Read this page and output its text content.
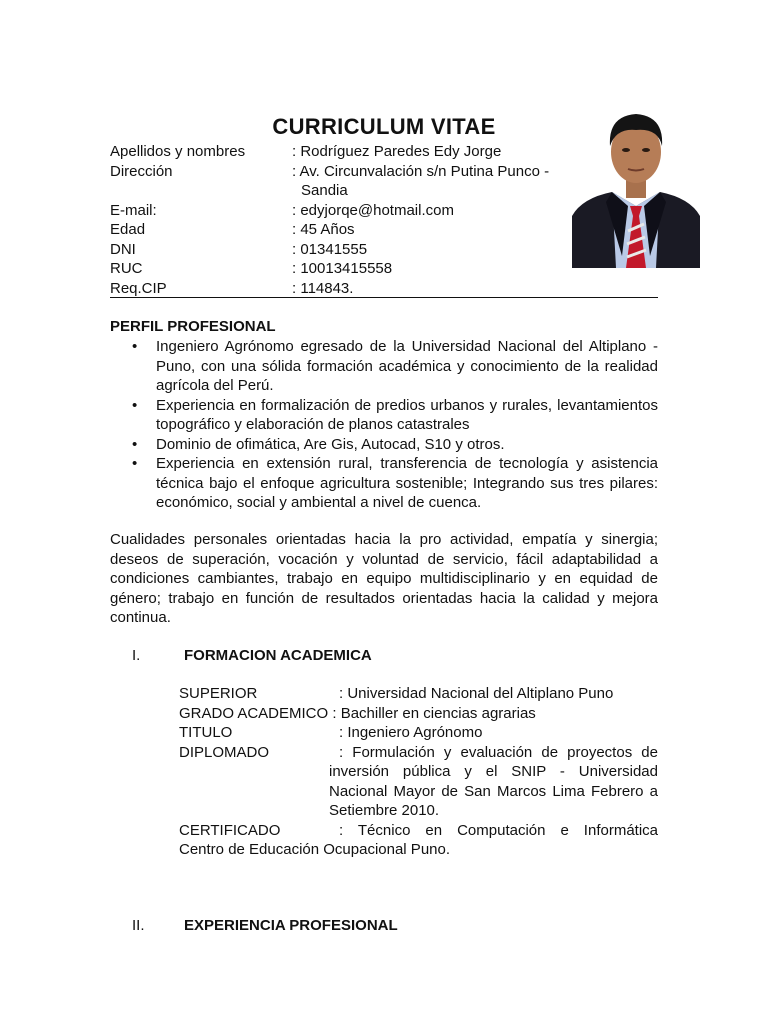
CURRICULUM VITAE
Apellidos y nombres	: Rodríguez Paredes Edy Jorge
Dirección	: Av. Circunvalación s/n Putina Punco -
Sandia
E-mail:	: edyjorqe@hotmail.com
Edad	: 45 Años
DNI	: 01341555
RUC	: 10013415558
Req.CIP	: 114843.
PERFIL PROFESIONAL
• Ingeniero Agrónomo egresado de la Universidad Nacional del Altiplano - Puno, con una sólida formación académica y conocimiento de la realidad agrícola del Perú.
• Experiencia en formalización de predios urbanos y rurales, levantamientos topográfico y elaboración de planos catastrales
• Dominio de ofimática, Are Gis, Autocad, S10 y otros.
• Experiencia en extensión rural, transferencia de tecnología y asistencia técnica bajo el enfoque agricultura sostenible; Integrando sus tres pilares: económico, social y ambiental a nivel de cuenca.
Cualidades personales orientadas hacia la pro actividad, empatía y sinergia; deseos de superación, vocación y voluntad de servicio, fácil adaptabilidad a condiciones cambiantes, trabajo en equipo multidisciplinario y en equidad de género; trabajo en función de resultados orientadas hacia la calidad y mejora continua.
I.	FORMACION ACADEMICA
SUPERIOR	: Universidad Nacional del Altiplano Puno
GRADO ACADEMICO : Bachiller en ciencias agrarias
TITULO	: Ingeniero Agrónomo
DIPLOMADO	: Formulación y evaluación de proyectos de
inversión pública y el SNIP - Universidad Nacional Mayor de San Marcos Lima Febrero a Setiembre 2010.
CERTIFICADO	: Técnico en Computación e Informática
Centro de Educación Ocupacional Puno.
II.	EXPERIENCIA PROFESIONAL
